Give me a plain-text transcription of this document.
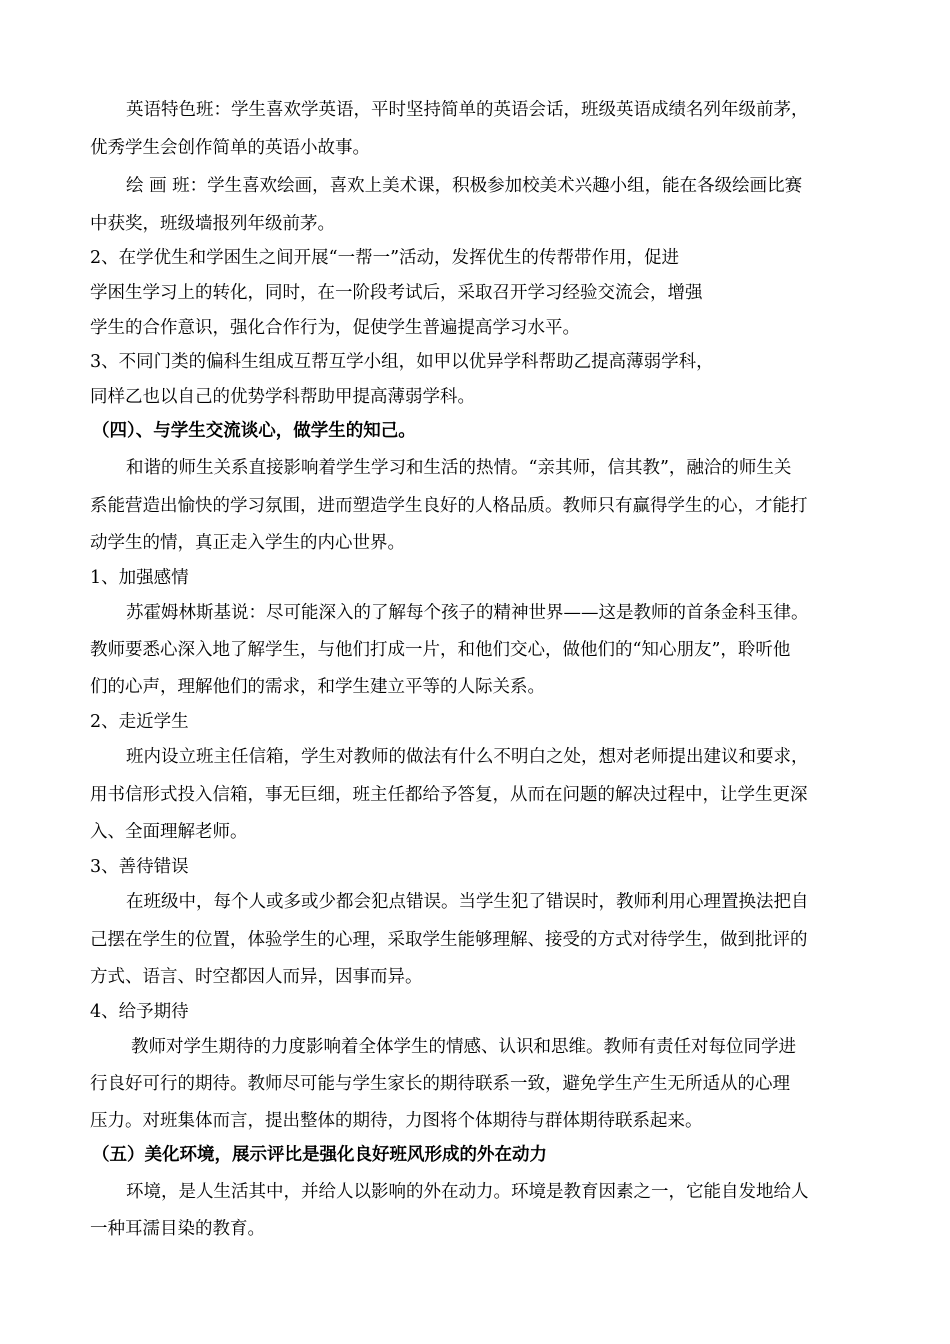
英语特色班：学生喜欢学英语，平时坚持简单的英语会话，班级英语成绩名列年级前茅，
优秀学生会创作简单的英语小故事。
绘 画 班：学生喜欢绘画，喜欢上美术课，积极参加校美术兴趣小组，能在各级绘画比赛
中获奖，班级墙报列年级前茅。
2、在学优生和学困生之间开展“一帮一”活动，发挥优生的传帮带作用，促进
学困生学习上的转化，同时，在一阶段考试后，采取召开学习经验交流会，增强
学生的合作意识，强化合作行为，促使学生普遍提高学习水平。
3、不同门类的偏科生组成互帮互学小组，如甲以优异学科帮助乙提高薄弱学科，
同样乙也以自己的优势学科帮助甲提高薄弱学科。
（四）、与学生交流谈心，做学生的知己。
和谐的师生关系直接影响着学生学习和生活的热情。“亲其师，信其教”，融洽的师生关
系能营造出愉快的学习氛围，进而塑造学生良好的人格品质。教师只有赢得学生的心，才能打
动学生的情，真正走入学生的内心世界。
1、加强感情
苏霍姆林斯基说：尽可能深入的了解每个孩子的精神世界——这是教师的首条金科玉律。
教师要悉心深入地了解学生，与他们打成一片，和他们交心，做他们的“知心朋友”，聆听他
们的心声，理解他们的需求，和学生建立平等的人际关系。
2、走近学生
班内设立班主任信箱，学生对教师的做法有什么不明白之处，想对老师提出建议和要求，
用书信形式投入信箱，事无巨细，班主任都给予答复，从而在问题的解决过程中，让学生更深
入、全面理解老师。
3、善待错误
在班级中，每个人或多或少都会犯点错误。当学生犯了错误时，教师利用心理置换法把自
己摆在学生的位置，体验学生的心理，采取学生能够理解、接受的方式对待学生，做到批评的
方式、语言、时空都因人而异，因事而异。
4、给予期待
教师对学生期待的力度影响着全体学生的情感、认识和思维。教师有责任对每位同学进
行良好可行的期待。教师尽可能与学生家长的期待联系一致，避免学生产生无所适从的心理
压力。对班集体而言，提出整体的期待，力图将个体期待与群体期待联系起来。
（五）美化环境，展示评比是强化良好班风形成的外在动力
环境，是人生活其中，并给人以影响的外在动力。环境是教育因素之一，它能自发地给人
一种耳濡目染的教育。
